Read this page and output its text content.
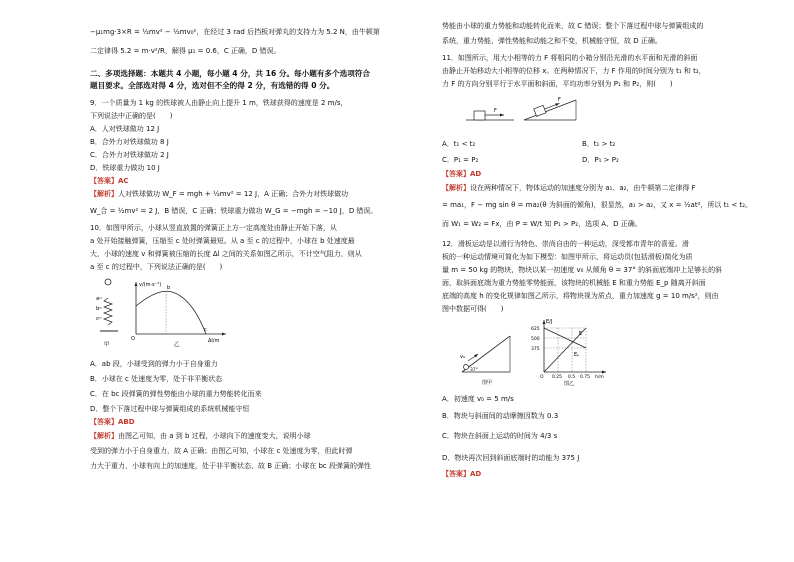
−μ₁mg·3×R = ½mv² − ½mv₀²，在经过 3 rad 后挡板对弹丸的支持力为 5.2 N，由牛顿第
二定律得 5.2 = m·v²/R，解得 μ₁ = 0.6，C 正确，D 错误。
二、多项选择题：本题共 4 小题，每小题 4 分，共 16 分。每小题有多个选项符合
题目要求。全部选对得 4 分，选对但不全的得 2 分，有选错的得 0 分。
9．一个质量为 1 kg 的铁球被人由静止向上提升 1 m，铁球获得的速度是 2 m/s，
下列说法中正确的是(　　)
A．人对铁球做功 12 J
B．合外力对铁球做功 8 J
C．合外力对铁球做功 2 J
D．铁球重力做功 10 J
【答案】AC
【解析】人对铁球做功 W_F = mgh + ½mv² = 12 J，A 正确；合外力对铁球做功
W_合 = ½mv² = 2 J，B 错误，C 正确；铁球重力做功 W_G = −mgh = −10 J，D 错误。
10．如图甲所示，小球从竖直放置的弹簧正上方一定高度处由静止开始下落，从
a 处开始接触弹簧，压缩至 c 处时弹簧最短。从 a 至 c 的过程中，小球在 b 处速度最
大，小球的速度 v 和弹簧被压缩的长度 Δl 之间的关系如图乙所示，不计空气阻力，则从
a 至 c 的过程中，下列说法正确的是(　　)
a
b
c
甲
v/(m·s⁻¹)
Δl/m
b
O
c
乙
A．ab 段，小球受到的弹力小于自身重力
B．小球在 c 处速度为零，处于非平衡状态
C．在 bc 段弹簧的弹性势能由小球的重力势能转化而来
D．整个下落过程中球与弹簧组成的系统机械能守恒
【答案】ABD
【解析】由图乙可知，由 a 到 b 过程，小球向下的速度变大，说明小球
受到的弹力小于自身重力，故 A 正确；由图乙可知，小球在 c 处速度为零，但此时弹
力大于重力，小球有向上的加速度，处于非平衡状态，故 B 正确；小球在 bc 段弹簧的弹性
势能由小球的重力势能和动能转化而来，故 C 错误；整个下落过程中球与弹簧组成的
系统，重力势能、弹性势能和动能之和不变，机械能守恒，故 D 正确。
11．如图所示，用大小相等的力 F 将相同的小箱分别沿光滑的水平面和光滑的斜面
由静止开始移动大小相等的位移 x。在两种情况下，力 F 作用的时间分别为 t₁ 和 t₂，
力 F 的方向分别平行于水平面和斜面，平均功率分别为 P₁ 和 P₂，则(　　)
F
F
A．t₁ < t₂	B．t₁ > t₂
C．P₁ = P₂	D．P₁ > P₂
【答案】AD
【解析】设在两种情况下，物体运动的加速度分别为 a₁、a₂，由牛顿第二定律得 F
= ma₁，F − mg sin θ = ma₂(θ 为斜面的倾角)，很显然，a₁ > a₂，又 x = ½at²，所以 t₁ < t₂。
而 W₁ = W₂ = Fx，由 P = W/t 知 P₁ > P₂，选项 A、D 正确。
12．滑板运动是以滑行为特色、崇尚自由的一种运动，深受都市青年的喜爱。滑
板的一种运动情境可简化为如下模型：如图甲所示，将运动员(包括滑板)简化为质
量 m = 50 kg 的物块，物块以某一初速度 v₀ 从倾角 θ = 37° 的斜面底端冲上足够长的斜
面，取斜面底端为重力势能零势能面，该物块的机械能 E 和重力势能 E_p 随离开斜面
底端的高度 h 的变化规律如图乙所示，将物块视为质点，重力加速度 g = 10 m/s²，则由
图中数据可得(　　)
v₀
37°
图甲
E/J
625
500
375
E
Eₚ
O 0.25 0.5 0.75 h/m
图乙
A．初速度 v₀ = 5 m/s
B．物块与斜面间的动摩擦因数为 0.3
C．物块在斜面上运动的时间为 4/3 s
D．物块再次回到斜面底端时的动能为 375 J
【答案】AD
